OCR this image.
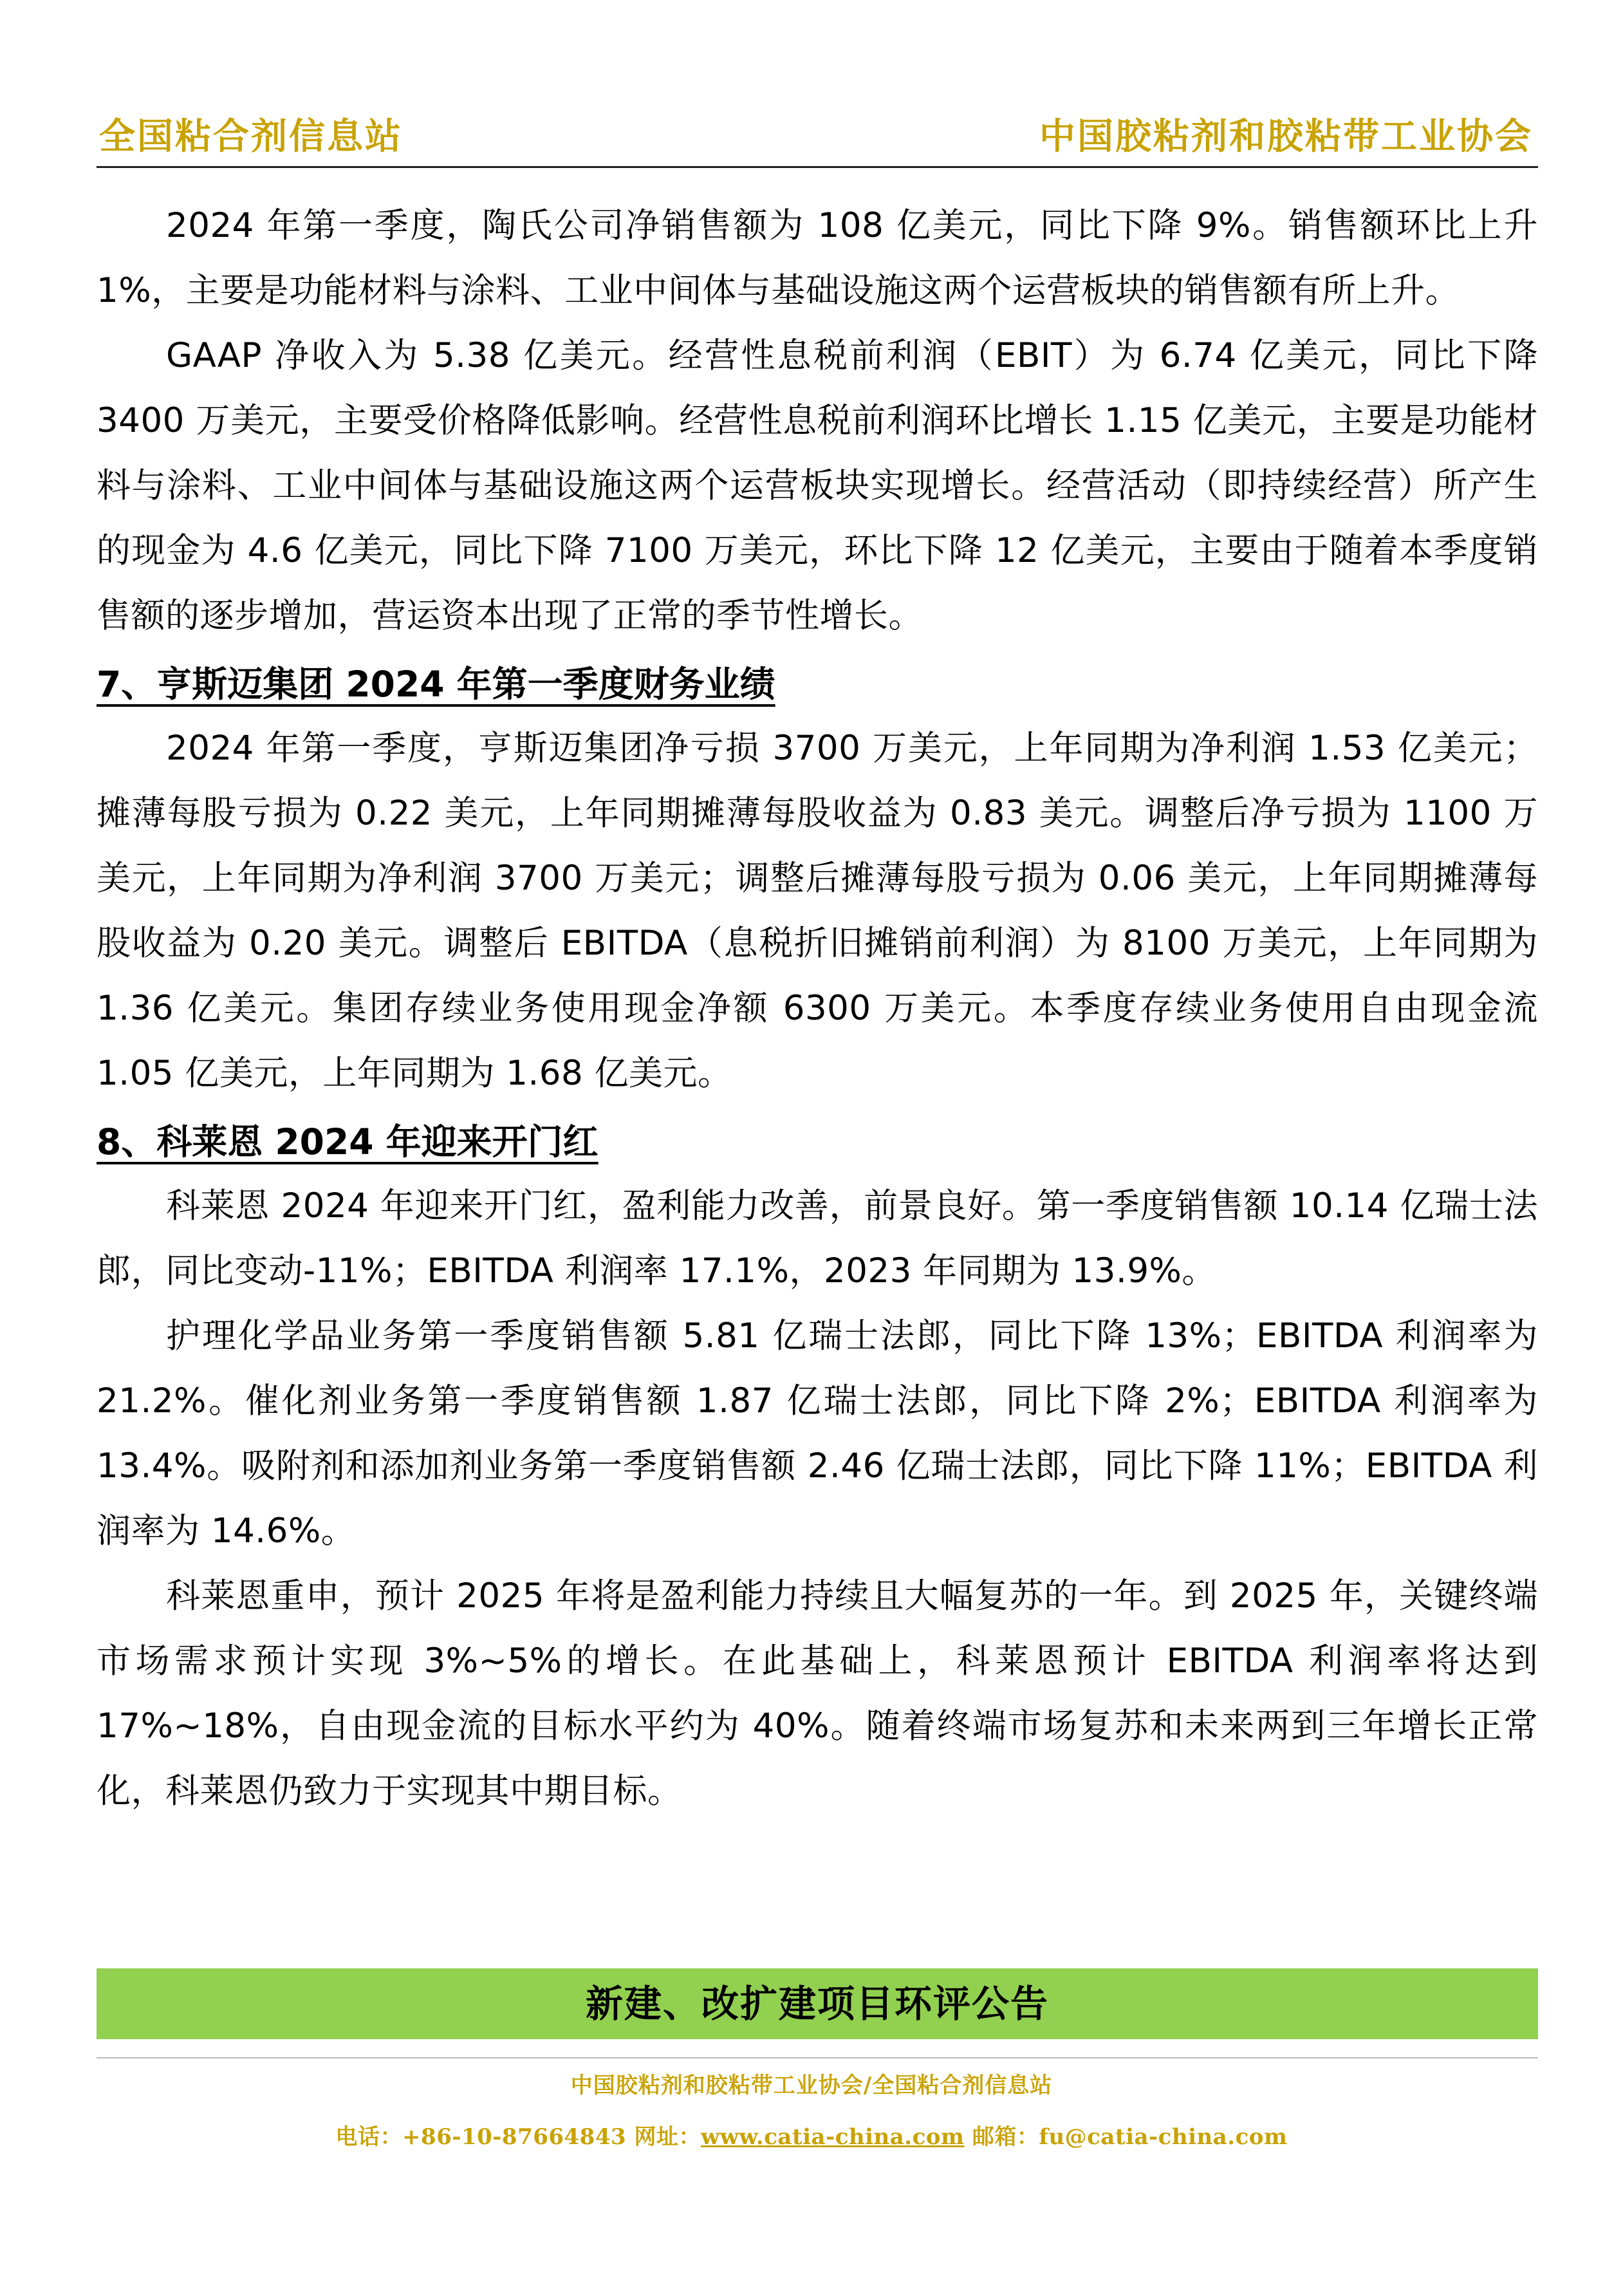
全国粘合剂信息站	中国胶粘剂和胶粘带工业协会

2024 年第一季度，陶氏公司净销售额为 108 亿美元，同比下降 9%。销售额环比上升 1%，主要是功能材料与涂料、工业中间体与基础设施这两个运营板块的销售额有所上升。

GAAP 净收入为 5.38 亿美元。经营性息税前利润（EBIT）为 6.74 亿美元，同比下降 3400 万美元，主要受价格降低影响。经营性息税前利润环比增长 1.15 亿美元，主要是功能材料与涂料、工业中间体与基础设施这两个运营板块实现增长。经营活动（即持续经营）所产生的现金为 4.6 亿美元，同比下降 7100 万美元，环比下降 12 亿美元，主要由于随着本季度销售额的逐步增加，营运资本出现了正常的季节性增长。

7、亨斯迈集团 2024 年第一季度财务业绩

2024 年第一季度，亨斯迈集团净亏损 3700 万美元，上年同期为净利润 1.53 亿美元；摊薄每股亏损为 0.22 美元，上年同期摊薄每股收益为 0.83 美元。调整后净亏损为 1100 万美元，上年同期为净利润 3700 万美元；调整后摊薄每股亏损为 0.06 美元，上年同期摊薄每股收益为 0.20 美元。调整后 EBITDA（息税折旧摊销前利润）为 8100 万美元，上年同期为 1.36 亿美元。集团存续业务使用现金净额 6300 万美元。本季度存续业务使用自由现金流 1.05 亿美元，上年同期为 1.68 亿美元。

8、科莱恩 2024 年迎来开门红

科莱恩 2024 年迎来开门红，盈利能力改善，前景良好。第一季度销售额 10.14 亿瑞士法郎，同比变动-11%；EBITDA 利润率 17.1%，2023 年同期为 13.9%。

护理化学品业务第一季度销售额 5.81 亿瑞士法郎，同比下降 13%；EBITDA 利润率为 21.2%。催化剂业务第一季度销售额 1.87 亿瑞士法郎，同比下降 2%；EBITDA 利润率为 13.4%。吸附剂和添加剂业务第一季度销售额 2.46 亿瑞士法郎，同比下降 11%；EBITDA 利润率为 14.6%。

科莱恩重申，预计 2025 年将是盈利能力持续且大幅复苏的一年。到 2025 年，关键终端市场需求预计实现 3%~5%的增长。在此基础上，科莱恩预计 EBITDA 利润率将达到 17%~18%，自由现金流的目标水平约为 40%。随着终端市场复苏和未来两到三年增长正常化，科莱恩仍致力于实现其中期目标。

新建、改扩建项目环评公告
中国胶粘剂和胶粘带工业协会/全国粘合剂信息站
电话：+86-10-87664843 网址：www.catia-china.com 邮箱：fu@catia-china.com
